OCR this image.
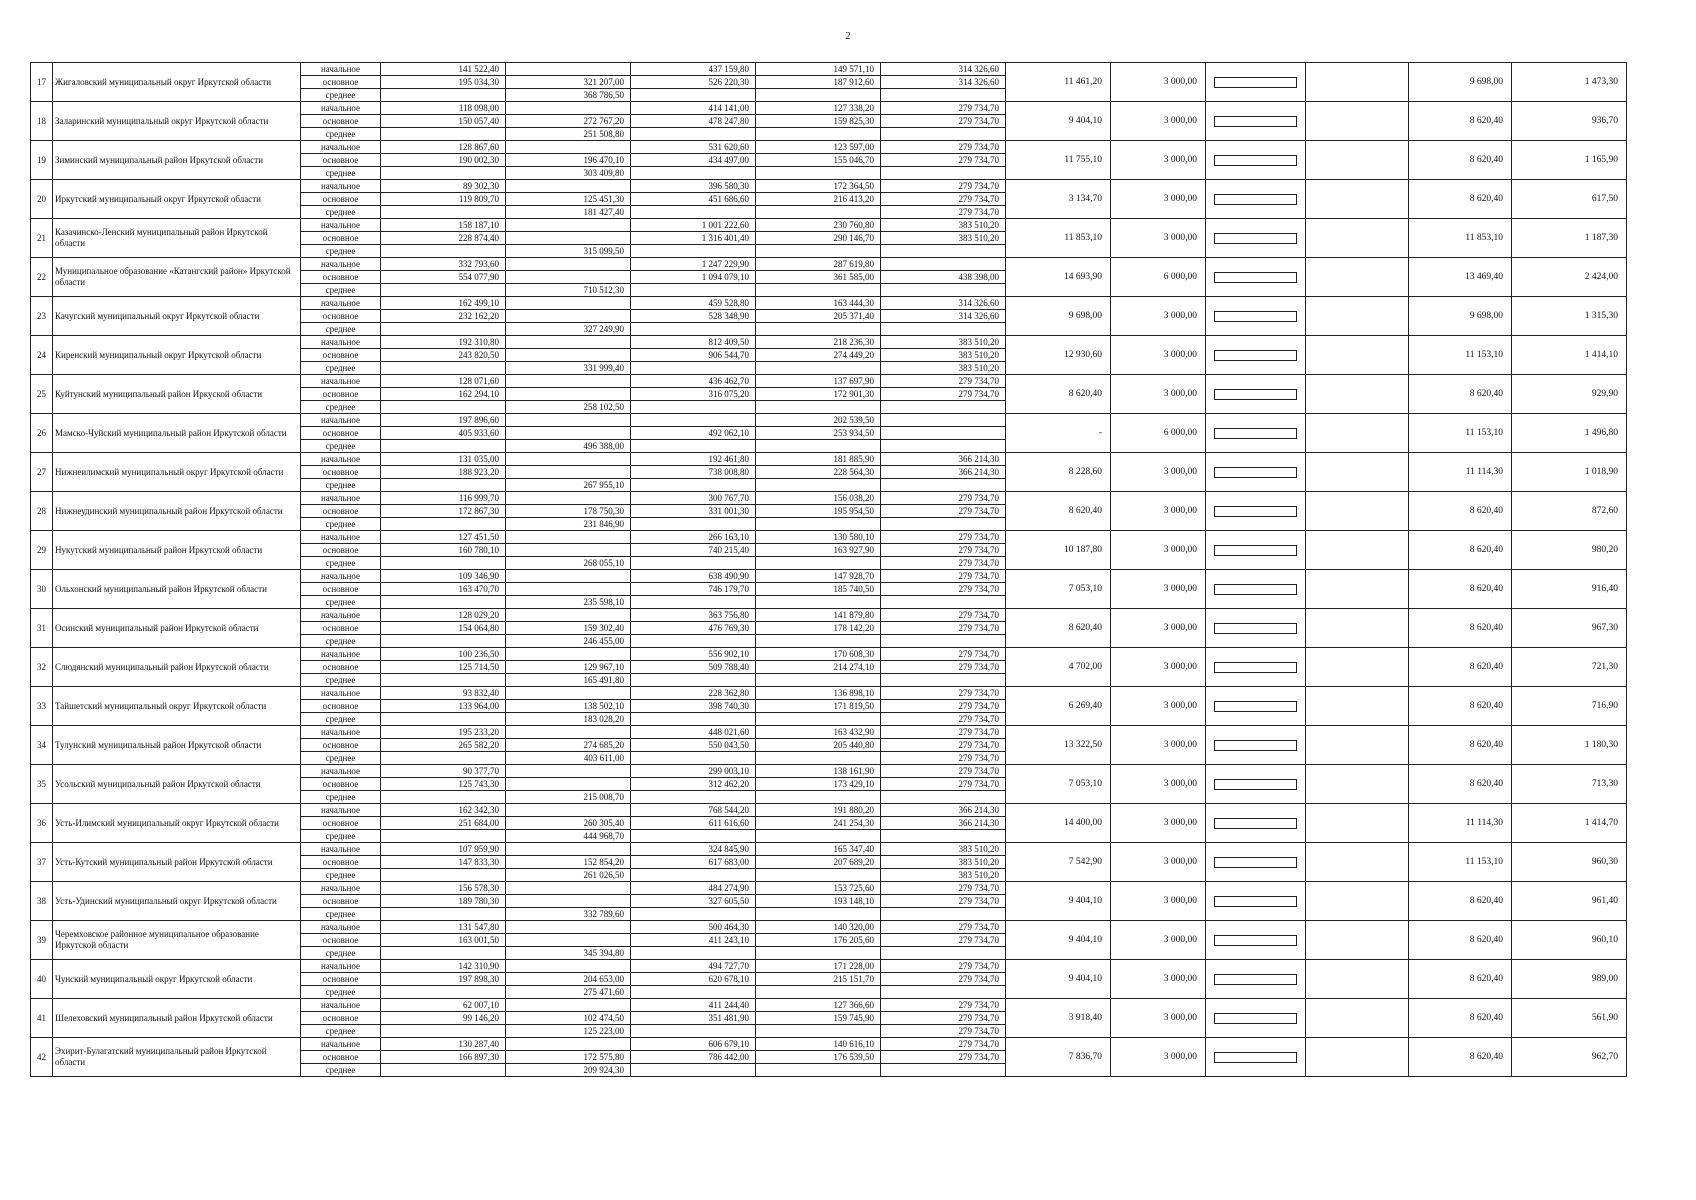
2
17	Жигаловский муниципальный округ Иркутской области	начальное	141 522,40		437 159,80	149 571,10	314 326,60	11 461,20	3 000,00			9 698,00	1 473,30
		основное	195 034,30	321 207,00	526 220,30	187 912,60	314 326,60						
		среднее		368 786,50									
18	Заларинский муниципальный округ Иркутской области	начальное	118 098,00		414 141,00	127 338,20	279 734,70	9 404,10	3 000,00			8 620,40	936,70
		основное	150 057,40	272 767,20	478 247,80	159 825,30	279 734,70						
		среднее		251 508,80									
19	Зиминский муниципальный район Иркутской области	начальное	128 867,60		531 620,60	123 597,00	279 734,70	11 755,10	3 000,00			8 620,40	1 165,90
		основное	190 002,30	196 470,10	434 497,00	155 046,70	279 734,70						
		среднее		303 409,80									
20	Иркутский муниципальный округ Иркутской области	начальное	89 302,30		396 580,30	172 364,50	279 734,70	3 134,70	3 000,00			8 620,40	617,50
		основное	119 809,70	125 451,30	451 686,60	216 413,20	279 734,70						
		среднее		181 427,40			279 734,70						
21	Казачинско-Ленский муниципальный район Иркутской области	начальное	158 187,10		1 001 222,60	230 760,80	383 510,20	11 853,10	3 000,00			11 853,10	1 187,30
		основное	228 874,40		1 316 401,40	290 146,70	383 510,20						
		среднее		315 099,50									
22	Муниципальное образование «Катангский район» Иркутской области	начальное	332 793,60		1 247 229,90	287 619,80		14 693,90	6 000,00			13 469,40	2 424,00
		основное	554 077,90		1 094 079,10	361 585,00	438 398,00						
		среднее		710 512,30									
23	Качугский муниципальный округ Иркутской области	начальное	162 499,10		459 528,80	163 444,30	314 326,60	9 698,00	3 000,00			9 698,00	1 315,30
		основное	232 162,20		528 348,90	205 371,40	314 326,60						
		среднее		327 249,90									
24	Киренский муниципальный округ Иркутской области	начальное	192 310,80		812 409,50	218 236,30	383 510,20	12 930,60	3 000,00			11 153,10	1 414,10
		основное	243 820,50		906 544,70	274 449,20	383 510,20						
		среднее		331 999,40			383 510,20						
25	Куйтунский муниципальный район Иркуской области	начальное	128 071,60		436 462,70	137 697,90	279 734,70	8 620,40	3 000,00			8 620,40	929,90
		основное	162 294,10		316 075,20	172 901,30	279 734,70						
		среднее		258 102,50									
26	Мамско-Чуйский муниципальный район Иркутской области	начальное	197 896,60			202 539,50		-	6 000,00			11 153,10	1 496,80
		основное	405 933,60		492 062,10	253 934,50							
		среднее		496 388,00									
27	Нижнеилимский муниципальный округ Иркутской области	начальное	131 035,00		192 461,80	181 885,90	366 214,30	8 228,60	3 000,00			11 114,30	1 018,90
		основное	188 923,20		738 008,80	228 564,30	366 214,30						
		среднее		267 955,10									
28	Нижнеудинский муниципальный район Иркутской области	начальное	116 999,70		300 767,70	156 038,20	279 734,70	8 620,40	3 000,00			8 620,40	872,60
		основное	172 867,30	178 750,30	331 001,30	195 954,50	279 734,70						
		среднее		231 846,90									
29	Нукутский муниципальный район Иркутской области	начальное	127 451,50		266 163,10	130 580,10	279 734,70	10 187,80	3 000,00			8 620,40	980,20
		основное	160 780,10		740 215,40	163 927,90	279 734,70						
		среднее		268 055,10			279 734,70						
30	Ольхонский муниципальный район Иркутской области	начальное	109 346,90		638 490,90	147 928,70	279 734,70	7 053,10	3 000,00			8 620,40	916,40
		основное	163 470,70		746 179,70	185 740,50	279 734,70						
		среднее		235 598,10									
31	Осинский муниципальный район Иркутской области	начальное	128 029,20		363 756,80	141 879,80	279 734,70	8 620,40	3 000,00			8 620,40	967,30
		основное	154 064,80	159 302,40	476 769,30	178 142,20	279 734,70						
		среднее		246 455,00									
32	Слюдянский муниципальный район Иркутской области	начальное	100 236,50		556 902,10	170 608,30	279 734,70	4 702,00	3 000,00			8 620,40	721,30
		основное	125 714,50	129 967,10	509 788,40	214 274,10	279 734,70						
		среднее		165 491,80									
33	Тайшетский муниципальный округ Иркутской области	начальное	93 832,40		228 362,80	136 898,10	279 734,70	6 269,40	3 000,00			8 620,40	716,90
		основное	133 964,00	138 502,10	398 740,30	171 819,50	279 734,70						
		среднее		183 028,20			279 734,70						
34	Тулунский муниципальный район Иркутской области	начальное	195 233,20		448 021,60	163 432,90	279 734,70	13 322,50	3 000,00			8 620,40	1 180,30
		основное	265 582,20	274 685,20	550 043,50	205 440,80	279 734,70						
		среднее		403 611,00			279 734,70						
35	Усольский муниципальный район Иркутской области	начальное	90 377,70		299 003,10	138 161,90	279 734,70	7 053,10	3 000,00			8 620,40	713,30
		основное	125 743,30		312 462,20	173 429,10	279 734,70						
		среднее		215 008,70									
36	Усть-Илимский муниципальный округ Иркутской области	начальное	162 342,30		768 544,20	191 880,20	366 214,30	14 400,00	3 000,00			11 114,30	1 414,70
		основное	251 684,00	260 305,40	611 616,60	241 254,30	366 214,30						
		среднее		444 968,70									
37	Усть-Кутский муниципальный район Иркутской области	начальное	107 959,90		324 845,90	165 347,40	383 510,20	7 542,90	3 000,00			11 153,10	960,30
		основное	147 833,30	152 854,20	617 683,00	207 689,20	383 510,20						
		среднее		261 026,50			383 510,20						
38	Усть-Удинский муниципальный округ Иркутской области	начальное	156 578,30		484 274,90	153 725,60	279 734,70	9 404,10	3 000,00			8 620,40	961,40
		основное	189 780,30		327 605,50	193 148,10	279 734,70						
		среднее		332 789,60									
39	Черемховское районное муниципальное образование Иркутской области	начальное	131 547,80		500 464,30	140 320,00	279 734,70	9 404,10	3 000,00			8 620,40	960,10
		основное	163 001,50		411 243,10	176 205,60	279 734,70						
		среднее		345 394,80									
40	Чунский муниципальный округ Иркутской области	начальное	142 310,90		494 727,70	171 228,00	279 734,70	9 404,10	3 000,00			8 620,40	989,00
		основное	197 898,30	204 653,00	620 678,10	215 151,70	279 734,70						
		среднее		275 471,60									
41	Шелеховский муниципальный район Иркутской области	начальное	62 007,10		411 244,40	127 366,60	279 734,70	3 918,40	3 000,00			8 620,40	561,90
		основное	99 146,20	102 474,50	351 481,90	159 745,90	279 734,70						
		среднее		125 223,00			279 734,70						
42	Эхирит-Булагатский муниципальный район Иркутской области	начальное	130 287,40		606 679,10	140 616,10	279 734,70	7 836,70	3 000,00			8 620,40	962,70
		основное	166 897,30	172 575,80	786 442,00	176 539,50	279 734,70						
		среднее		209 924,30									
